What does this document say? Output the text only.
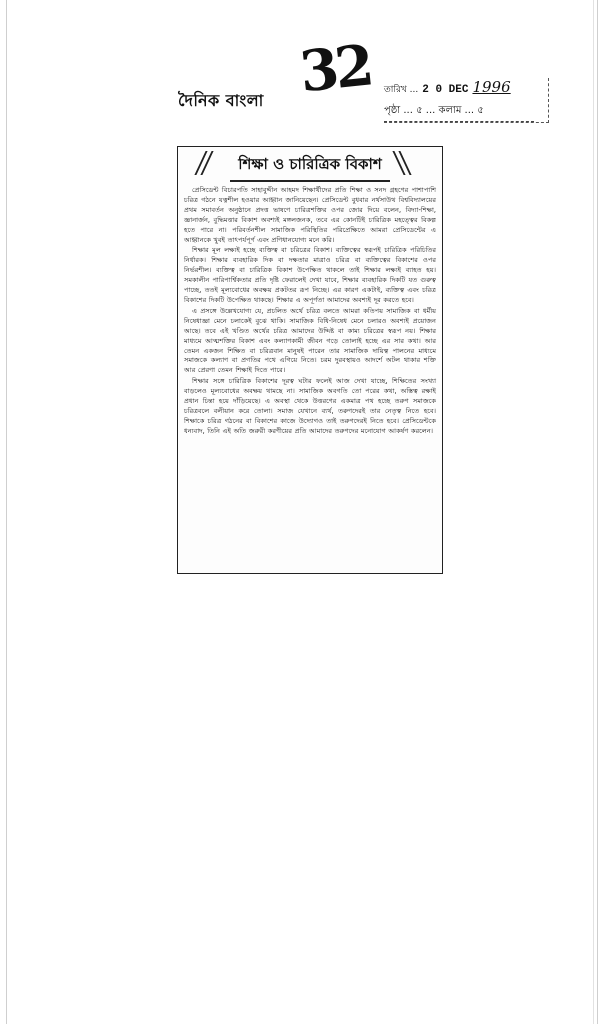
32
দৈনিক বাংলা
তারিখ ... 2 0 DEC 1996
পৃষ্ঠা ... ৫ ... কলাম ... ৫
শিক্ষা ও চারিত্রিক বিকাশ

প্রেসিডেন্ট বিচারপতি সাহাবুদ্দীন আহমদ শিক্ষার্থীদের প্রতি শিক্ষা ও সনদ গ্রহণের পাশাপাশি চরিত্র গঠনে যত্নশীল হওয়ার আহ্বান জানিয়েছেন। প্রেসিডেন্ট বুধবার নর্থসাউথ বিশ্ববিদ্যালয়ের প্রথম সমাবর্তন অনুষ্ঠানে প্রদত্ত ভাষণে চারিত্রশক্তির ওপর জোর দিয়ে বলেন, বিদ্যা-শিক্ষা, জ্ঞানার্জন, বুদ্ধিমত্তার বিকাশ অবশ্যই মঙ্গলজনক, তবে এর কোনটিই চারিত্রিক মহত্ত্বের বিকল্প হতে পারে না। পরিবর্তনশীল সামাজিক পরিস্থিতির পরিপ্রেক্ষিতে আমরা প্রেসিডেন্টের এ আহ্বানকে খুবই তাৎপর্যপূর্ণ এবং প্রণিধানযোগ্য মনে করি।

শিক্ষার মূল লক্ষ্যই হচ্ছে ব্যক্তিত্ব বা চরিত্রের বিকাশ। ব্যক্তিত্বের স্বরূপই চারিত্রিক পরিচিতির নির্ধারক। শিক্ষার ব্যবহারিক দিক বা দক্ষতার মাত্রাও চরিত্র বা ব্যক্তিত্বের বিকাশের ওপর নির্ভরশীল। ব্যক্তিত্ব বা চারিত্রিক বিকাশ উপেক্ষিত থাকলে তাই শিক্ষার লক্ষ্যই ব্যাহত হয়। সমকালীন পারিপার্শ্বিকতার প্রতি দৃষ্টি ফেরালেই দেখা যাবে, শিক্ষার ব্যবহারিক দিকটি যত গুরুত্ব পাচ্ছে, ততই মূল্যবোধের অবক্ষয় প্রকটতর রূপ নিচ্ছে। এর কারণ একটাই, ব্যক্তিত্ব এবং চরিত্র বিকাশের দিকটি উপেক্ষিত থাকছে। শিক্ষার এ অপূর্ণতা আমাদের অবশ্যই দূর করতে হবে।

এ প্রসঙ্গে উল্লেখযোগ্য যে, প্রচলিত অর্থে চরিত্র বলতে আমরা কতিপয় সামাজিক বা ধর্মীয় নিষেধাজ্ঞা মেনে চলাকেই বুঝে থাকি। সামাজিক বিধি-নিষেধ মেনে চলারও অবশ্যই প্রয়োজন আছে। তবে এই খণ্ডিত অর্থের চরিত্র আমাদের উদ্দিষ্ট বা কাম্য চরিত্রের স্বরূপ নয়। শিক্ষার মাধ্যমে আত্মশক্তির বিকাশ এবং কল্যাণকামী জীবন গড়ে তোলাই হচ্ছে এর সার কথা। আর তেমন একজন শিক্ষিত বা চরিত্রবান মানুষই পারেন তার সামাজিক দায়িত্ব পালনের মাধ্যমে সমাজকে কল্যাণ বা প্রগতির পথে এগিয়ে নিতে। চরম দুরবস্থায়ও আদর্শে অটল থাকার শক্তি আর প্রেরণা তেমন শিক্ষাই দিতে পারে।

শিক্ষার সঙ্গে চারিত্রিক বিকাশের দূরত্ব ঘটার ফলেই আজ দেখা যাচ্ছে, শিক্ষিতের সংখ্যা বাড়লেও মূল্যবোধের অবক্ষয় থামছে না। সামাজিক অবগতি তো পরের কথা, অস্তিত্ব রক্ষাই প্রধান চিন্তা হয়ে দাঁড়িয়েছে। এ অবস্থা থেকে উত্তরণের একমাত্র পথ হচ্ছে তরুণ সমাজকে চরিত্রবলে বলীয়ান করে তোলা। সমাজ যেখানে ব্যর্থ, তরুণদেরই তার নেতৃত্ব নিতে হবে। শিক্ষাকে চরিত্র গঠনের বা বিকাশের কাজে উদ্যোগও তাই তরুণদেরই নিতে হবে। প্রেসিডেন্টকে ধন্যবাদ, তিনি এই অতি জরুরী করণীয়ের প্রতি আমাদের তরুণদের মনোযোগ আকর্ষণ করলেন।
